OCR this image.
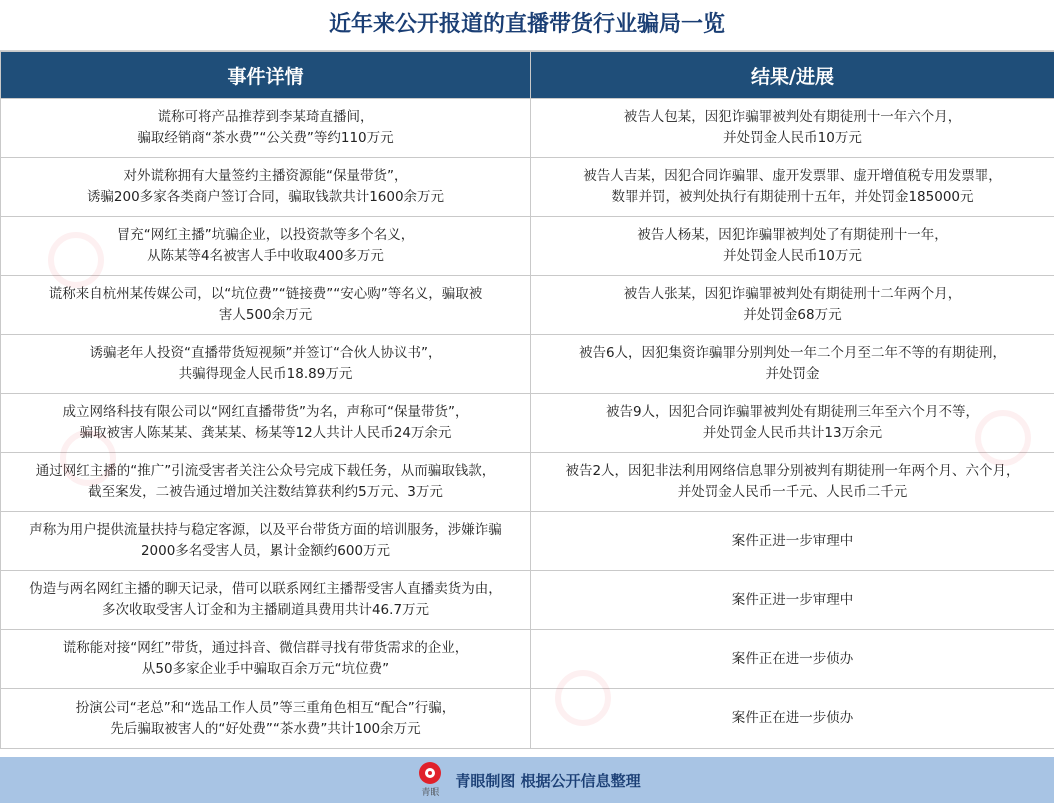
近年来公开报道的直播带货行业骗局一览
事件详情	结果/进展

谎称可将产品推荐到李某琦直播间，
骗取经销商“茶水费”“公关费”等约110万元	被告人包某，因犯诈骗罪被判处有期徒刑十一年六个月，
并处罚金人民币10万元

对外谎称拥有大量签约主播资源能“保量带货”，
诱骗200多家各类商户签订合同，骗取钱款共计1600余万元	被告人吉某，因犯合同诈骗罪、虚开发票罪、虚开增值税专用发票罪，
数罪并罚，被判处执行有期徒刑十五年，并处罚金185000元

冒充“网红主播”坑骗企业，以投资款等多个名义，
从陈某等4名被害人手中收取400多万元	被告人杨某，因犯诈骗罪被判处了有期徒刑十一年，
并处罚金人民币10万元

谎称来自杭州某传媒公司，以“坑位费”“链接费”“安心购”等名义，骗取被
害人500余万元	被告人张某，因犯诈骗罪被判处有期徒刑十二年两个月，
并处罚金68万元

诱骗老年人投资“直播带货短视频”并签订“合伙人协议书”，
共骗得现金人民币18.89万元	被告6人，因犯集资诈骗罪分别判处一年二个月至二年不等的有期徒刑，
并处罚金

成立网络科技有限公司以“网红直播带货”为名，声称可“保量带货”，
骗取被害人陈某某、龚某某、杨某等12人共计人民币24万余元	被告9人，因犯合同诈骗罪被判处有期徒刑三年至六个月不等，
并处罚金人民币共计13万余元

通过网红主播的“推广”引流受害者关注公众号完成下载任务，从而骗取钱款，
截至案发，二被告通过增加关注数结算获利约5万元、3万元	被告2人，因犯非法利用网络信息罪分别被判有期徒刑一年两个月、六个月，
并处罚金人民币一千元、人民币二千元

声称为用户提供流量扶持与稳定客源，以及平台带货方面的培训服务，涉嫌诈骗
2000多名受害人员，累计金额约600万元	案件正进一步审理中

伪造与两名网红主播的聊天记录，借可以联系网红主播帮受害人直播卖货为由，
多次收取受害人订金和为主播刷道具费用共计46.7万元	案件正进一步审理中

谎称能对接“网红”带货，通过抖音、微信群寻找有带货需求的企业，
从50多家企业手中骗取百余万元“坑位费”	案件正在进一步侦办

扮演公司“老总”和“选品工作人员”等三重角色相互“配合”行骗，
先后骗取被害人的“好处费”“茶水费”共计100余万元	案件正在进一步侦办
青眼
青眼制图 根据公开信息整理
